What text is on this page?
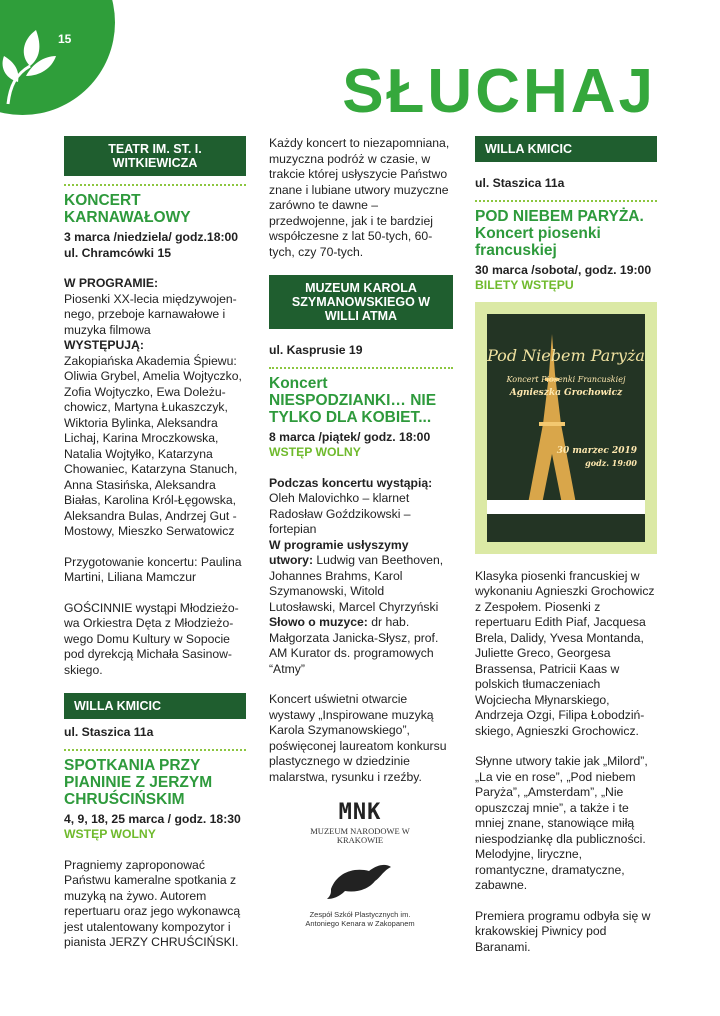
15
SŁUCHAJ
TEATR IM. ST. I. WITKIEWICZA
KONCERT KARNAWAŁOWY
3 marca /niedziela/ godz.18:00
ul. Chramcówki 15

W PROGRAMIE:

Piosenki XX-lecia międzywojen-nego, przeboje karnawałowe i muzyka filmowa

WYSTĘPUJĄ:

Zakopiańska Akademia Śpiewu: Oliwia Grybel, Amelia Wojtyczko, Zofia Wojtyczko, Ewa Doleżu-chowicz, Martyna Łukaszczyk, Wiktoria Bylinka, Aleksandra Lichaj, Karina Mroczkowska, Natalia Wojtyłko, Katarzyna Chowaniec, Katarzyna Stanuch, Anna Stasińska, Aleksandra Białas, Karolina Król-Łęgowska, Aleksandra Bulas, Andrzej Gut -Mostowy, Mieszko Serwatowicz

Przygotowanie koncertu: Paulina Martini, Liliana Mamczur

GOŚCINNIE wystąpi Młodzieżo-wa Orkiestra Dęta z Młodzieżo-wego Domu Kultury w Sopocie pod dyrekcją Michała Sasinow-skiego.

WILLA KMICIC
ul. Staszica 11a
SPOTKANIA PRZY PIANINIE Z JERZYM CHRUŚCIŃSKIM
4, 9, 18, 25 marca / godz. 18:30
WSTĘP WOLNY

Pragniemy zaproponować Państwu kameralne spotkania z muzyką na żywo. Autorem repertuaru oraz jego wykonawcą jest utalentowany kompozytor i pianista JERZY CHRUŚCIŃSKI.

Każdy koncert to niezapomniana, muzyczna podróż w czasie, w trakcie której usłyszycie Państwo znane i lubiane utwory muzyczne zarówno te dawne – przedwojenne, jak i te bardziej współczesne z lat 50-tych, 60-tych, czy 70-tych.

MUZEUM KAROLA SZYMANOWSKIEGO W WILLI ATMA
ul. Kasprusie 19
Koncert NIESPODZIANKI… NIE TYLKO DLA KOBIET...
8 marca /piątek/ godz. 18:00
WSTĘP WOLNY

Podczas koncertu wystąpią:

Oleh Malovichko – klarnet Radosław Goździkowski – fortepian

W programie usłyszymy utwory: Ludwig van Beethoven, Johannes Brahms, Karol Szymanowski, Witold Lutosławski, Marcel Chyrzyński

Słowo o muzyce: dr hab. Małgorzata Janicka-Słysz, prof. AM Kurator ds. programowych “Atmy”

Koncert uświetni otwarcie wystawy „Inspirowane muzyką Karola Szymanowskiego”, poświęconej laureatom konkursu plastycznego w dziedzinie malarstwa, rysunku i rzeźby.

MNK
MUZEUM NARODOWE W KRAKOWIE
Zespół Szkół Plastycznych im. Antoniego Kenara w Zakopanem
WILLA KMICIC
ul. Staszica 11a
POD NIEBEM PARYŻA. Koncert piosenki francuskiej
30 marca /sobota/, godz. 19:00
BILETY WSTĘPU
Pod Niebem Paryża
Koncert Piosenki Francuskiej
Agnieszka Grochowicz
30 marzec 2019
godz. 19:00

Klasyka piosenki francuskiej w wykonaniu Agnieszki Grochowicz z Zespołem. Piosenki z repertuaru Edith Piaf, Jacquesa Brela, Dalidy, Yvesa Montanda, Juliette Greco, Georgesa Brassensa, Patricii Kaas w polskich tłumaczeniach Wojciecha Młynarskiego, Andrzeja Ozgi, Filipa Łobodziń-skiego, Agnieszki Grochowicz.

Słynne utwory takie jak „Milord”, „La vie en rose”, „Pod niebem Paryża”, „Amsterdam”, „Nie opuszczaj mnie”, a także i te mniej znane, stanowiące miłą niespodziankę dla publiczności. Melodyjne, liryczne, romantyczne, dramatyczne, zabawne.

Premiera programu odbyła się w krakowskiej Piwnicy pod Baranami.
